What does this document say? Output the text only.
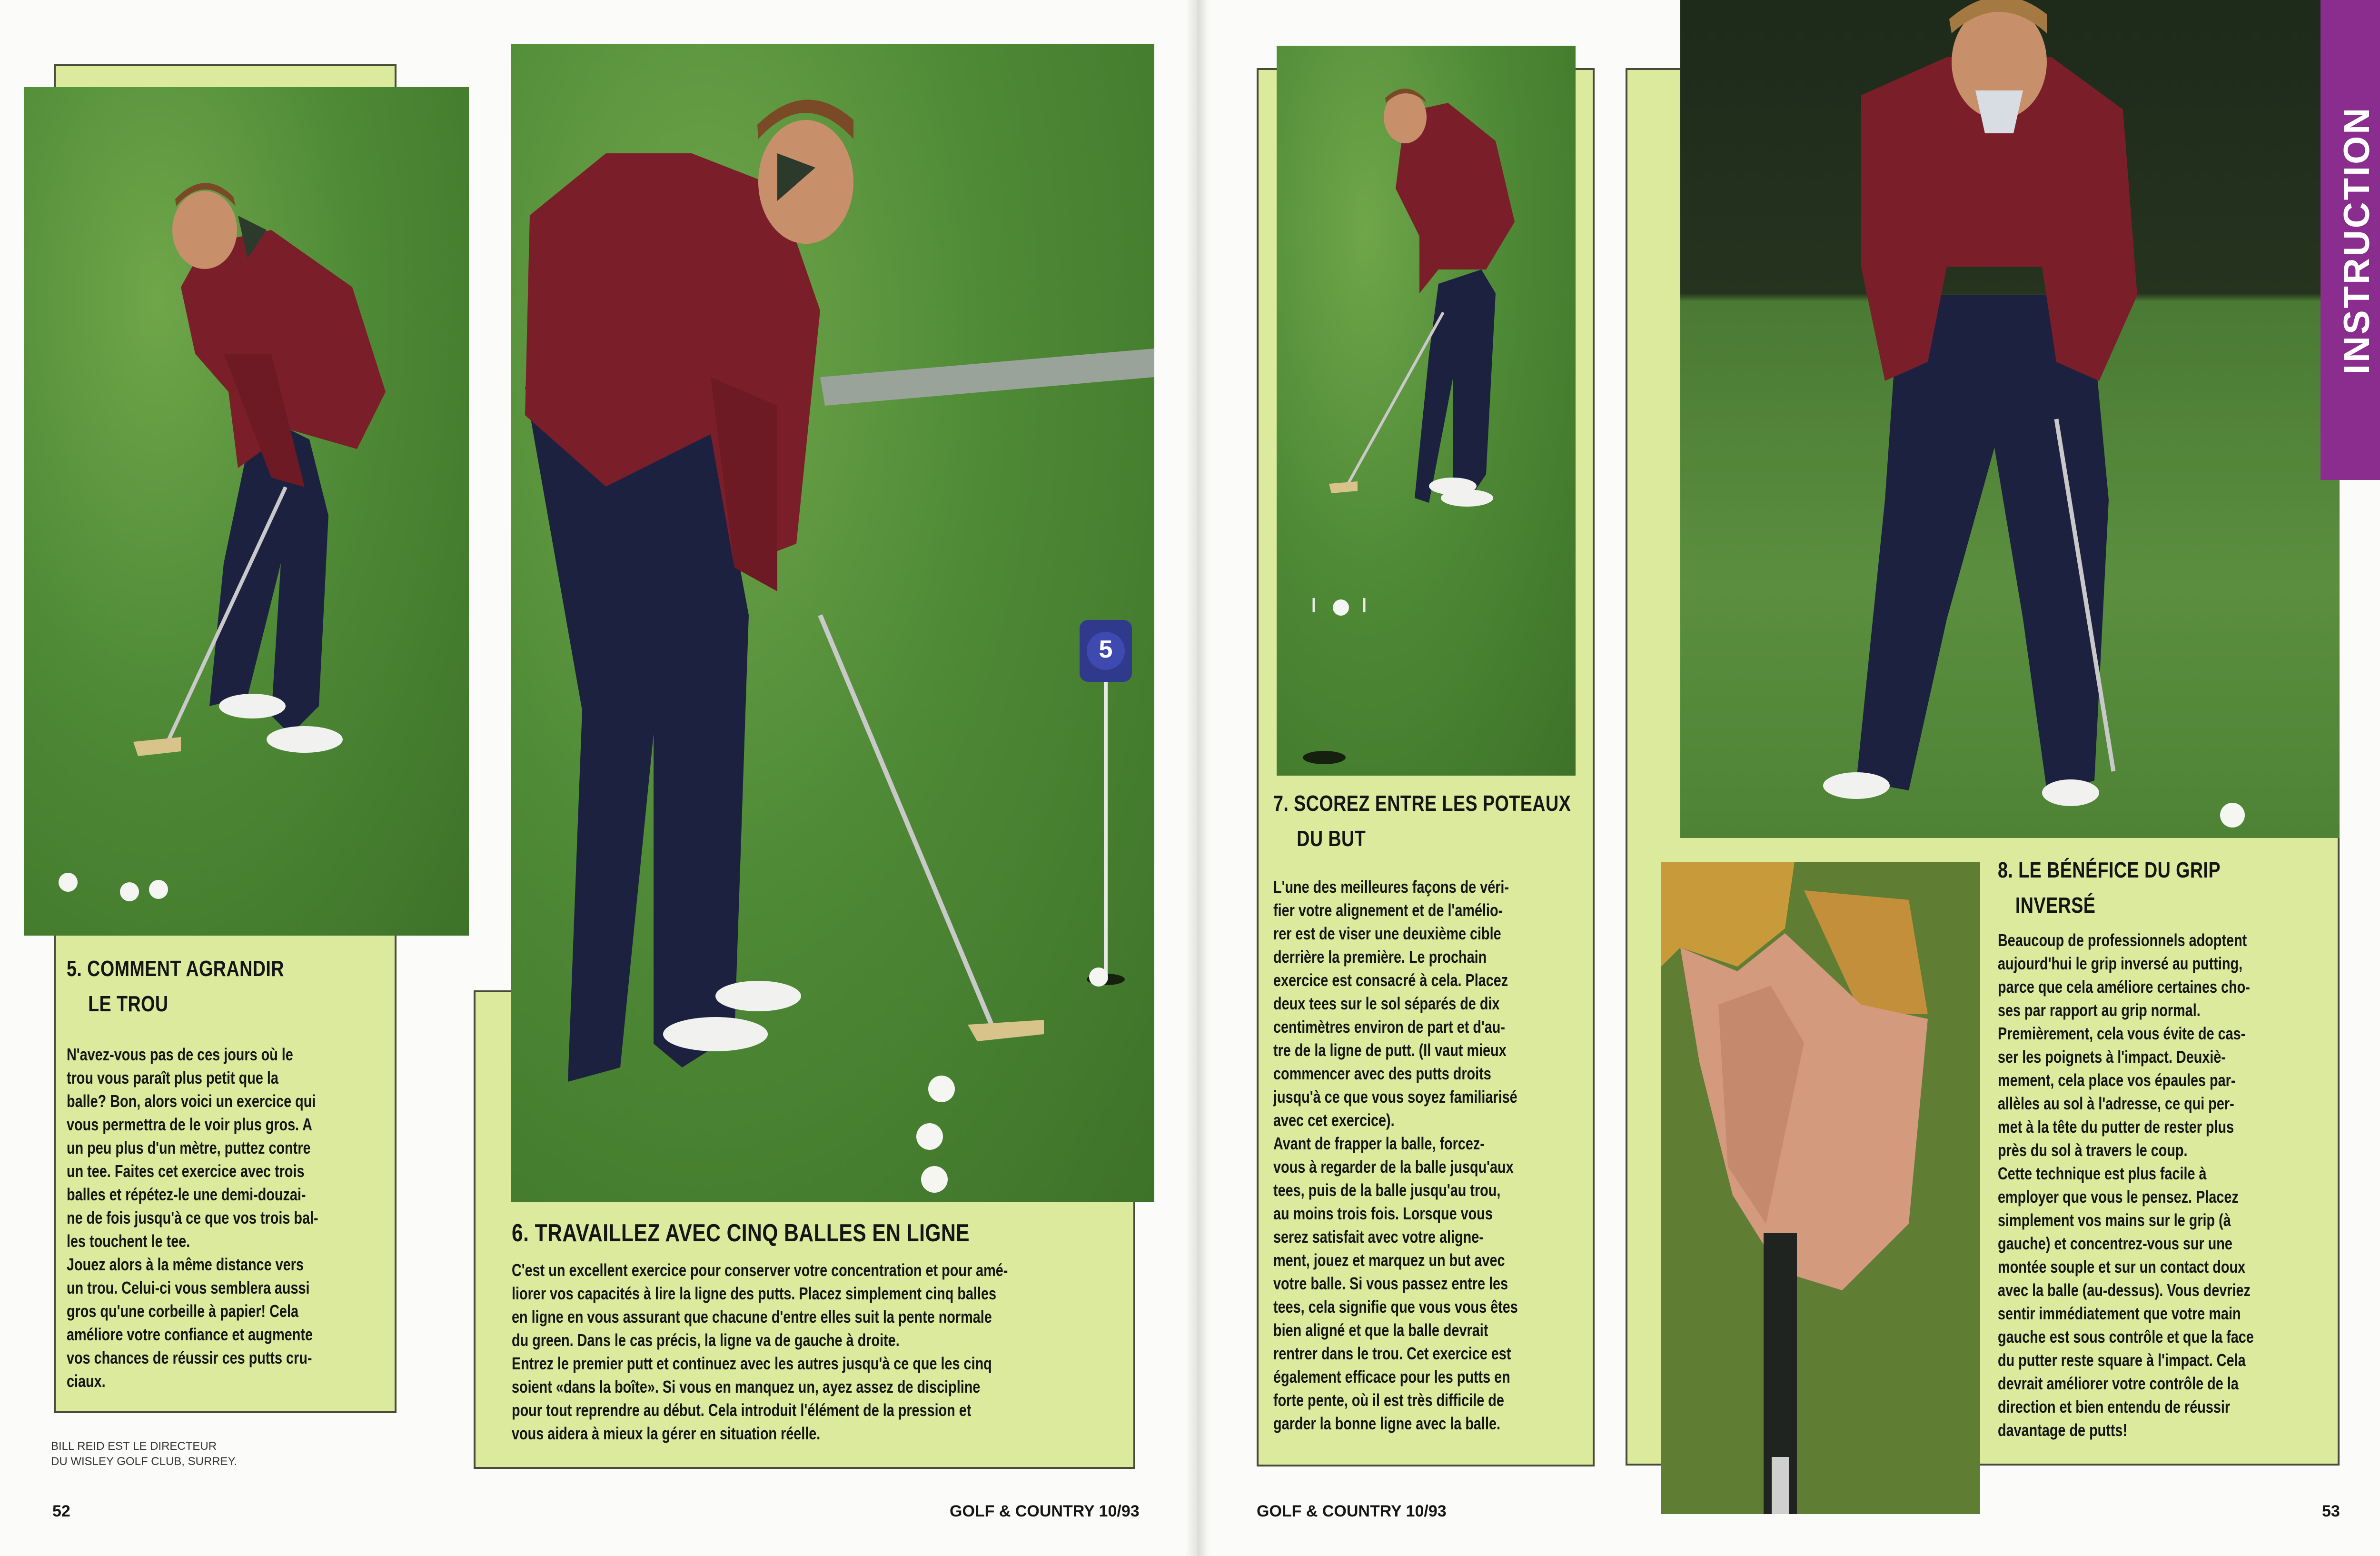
5. COMMENT AGRANDIR
LE TROU

N'avez-vous pas de ces jours où le

trou vous paraît plus petit que la

balle? Bon, alors voici un exercice qui

vous permettra de le voir plus gros. A

un peu plus d'un mètre, puttez contre

un tee. Faites cet exercice avec trois

balles et répétez-le une demi-douzai-

ne de fois jusqu'à ce que vos trois bal-

les touchent le tee.

Jouez alors à la même distance vers

un trou. Celui-ci vous semblera aussi

gros qu'une corbeille à papier! Cela

améliore votre confiance et augmente

vos chances de réussir ces putts cru-

ciaux.

BILL REID EST LE DIRECTEUR
DU WISLEY GOLF CLUB, SURREY.
5
6. TRAVAILLEZ AVEC CINQ BALLES EN LIGNE

C'est un excellent exercice pour conserver votre concentration et pour amé-

liorer vos capacités à lire la ligne des putts. Placez simplement cinq balles

en ligne en vous assurant que chacune d'entre elles suit la pente normale

du green. Dans le cas précis, la ligne va de gauche à droite.

Entrez le premier putt et continuez avec les autres jusqu'à ce que les cinq

soient «dans la boîte». Si vous en manquez un, ayez assez de discipline

pour tout reprendre au début. Cela introduit l'élément de la pression et

vous aidera à mieux la gérer en situation réelle.

52	GOLF & COUNTRY 10/93
7. SCOREZ ENTRE LES POTEAUX
DU BUT

L'une des meilleures façons de véri-

fier votre alignement et de l'amélio-

rer est de viser une deuxième cible

derrière la première. Le prochain

exercice est consacré à cela. Placez

deux tees sur le sol séparés de dix

centimètres environ de part et d'au-

tre de la ligne de putt. (Il vaut mieux

commencer avec des putts droits

jusqu'à ce que vous soyez familiarisé

avec cet exercice).

Avant de frapper la balle, forcez-

vous à regarder de la balle jusqu'aux

tees, puis de la balle jusqu'au trou,

au moins trois fois. Lorsque vous

serez satisfait avec votre aligne-

ment, jouez et marquez un but avec

votre balle. Si vous passez entre les

tees, cela signifie que vous vous êtes

bien aligné et que la balle devrait

rentrer dans le trou. Cet exercice est

également efficace pour les putts en

forte pente, où il est très difficile de

garder la bonne ligne avec la balle.

8. LE BÉNÉFICE DU GRIP
INVERSÉ

Beaucoup de professionnels adoptent

aujourd'hui le grip inversé au putting,

parce que cela améliore certaines cho-

ses par rapport au grip normal.

Premièrement, cela vous évite de cas-

ser les poignets à l'impact. Deuxiè-

mement, cela place vos épaules par-

allèles au sol à l'adresse, ce qui per-

met à la tête du putter de rester plus

près du sol à travers le coup.

Cette technique est plus facile à

employer que vous le pensez. Placez

simplement vos mains sur le grip (à

gauche) et concentrez-vous sur une

montée souple et sur un contact doux

avec la balle (au-dessus). Vous devriez

sentir immédiatement que votre main

gauche est sous contrôle et que la face

du putter reste square à l'impact. Cela

devrait améliorer votre contrôle de la

direction et bien entendu de réussir

davantage de putts!

INSTRUCTION
GOLF & COUNTRY 10/93	53
